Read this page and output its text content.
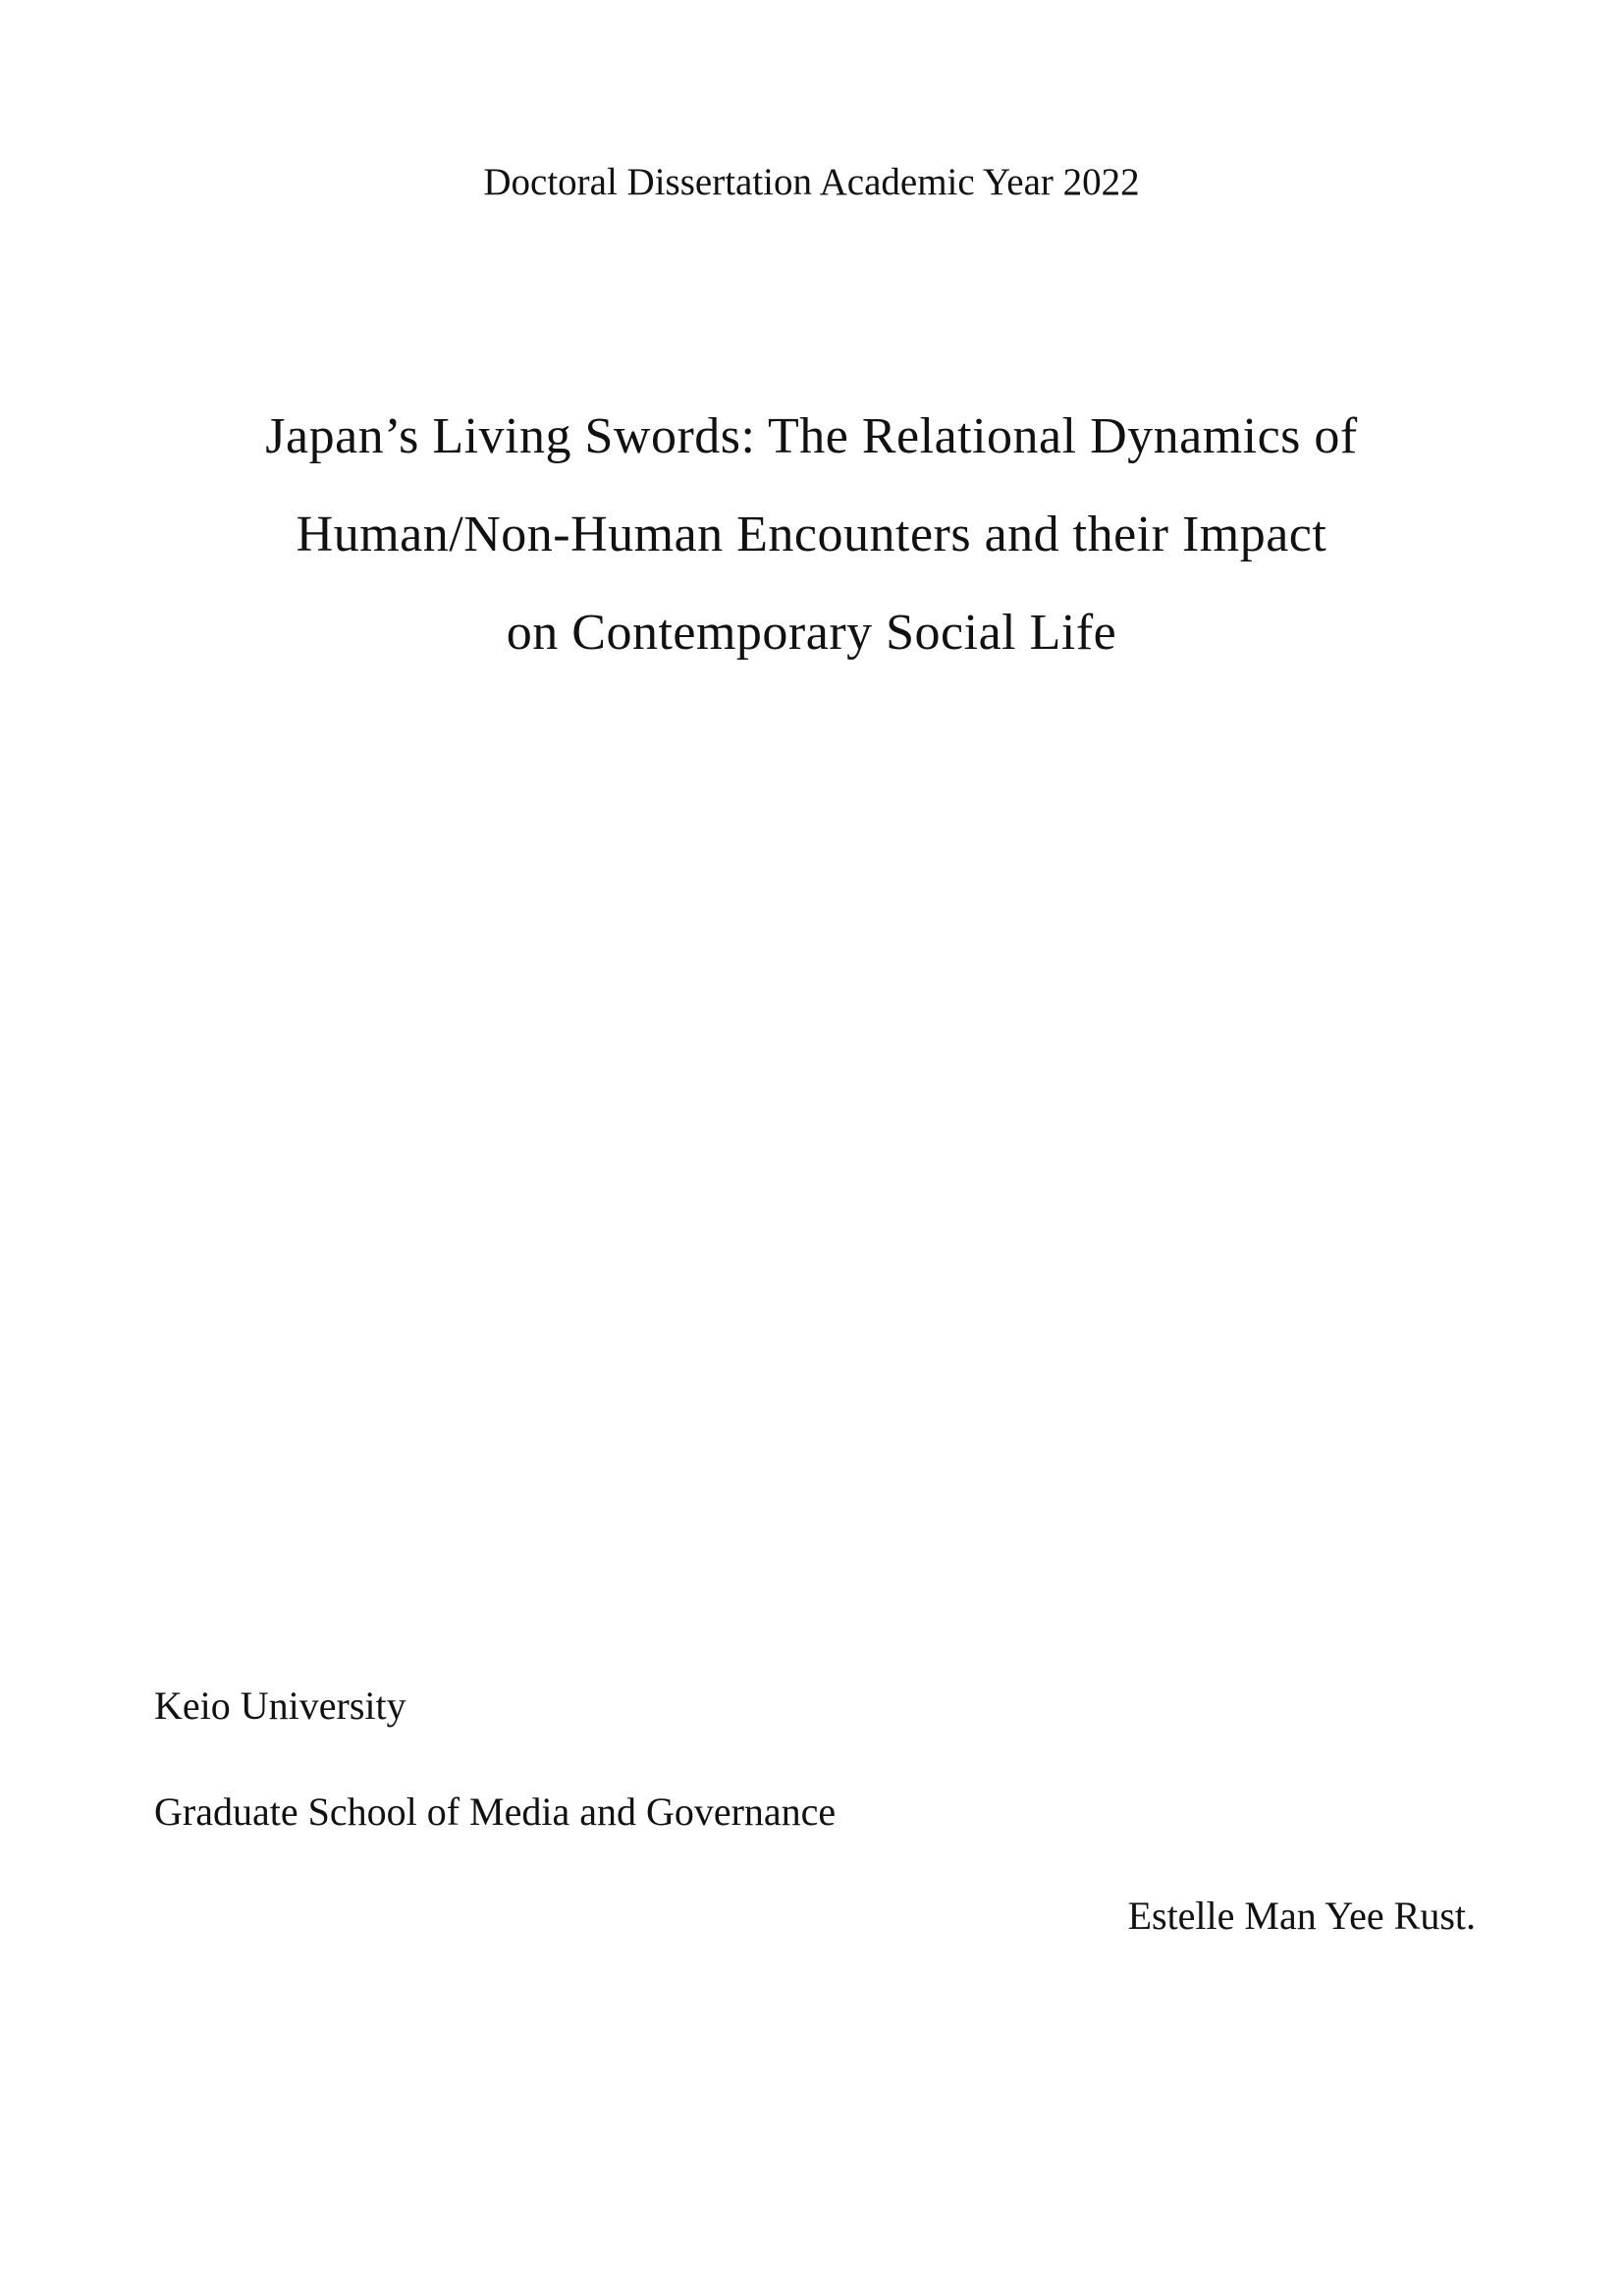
Doctoral Dissertation Academic Year 2022
Japan’s Living Swords: The Relational Dynamics of
Human/Non-Human Encounters and their Impact
on Contemporary Social Life
Keio University
Graduate School of Media and Governance
Estelle Man Yee Rust.
